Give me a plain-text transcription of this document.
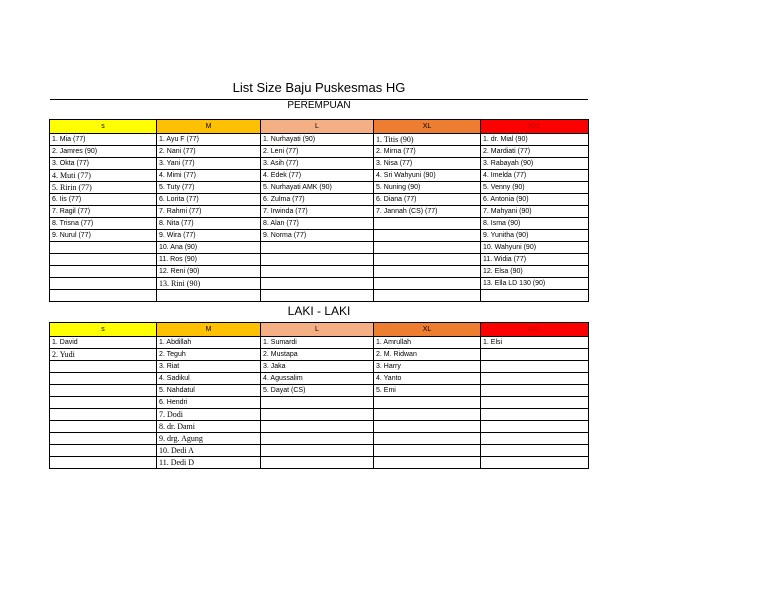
List Size Baju Puskesmas HG
PEREMPUAN
s	M	L	XL	XXL
1. Mia (77)	1. Ayu F (77)	1. Nurhayati (90)	1. Titis (90)	1. dr. Mial (90)
2. Jamres (90)	2. Nani (77)	2. Leni (77)	2. Mirna (77)	2. Mardiati (77)
3. Okta (77)	3. Yani (77)	3. Asih (77)	3. Nisa (77)	3. Rabayah (90)
4. Muti (77)	4. Mimi (77)	4. Edek (77)	4. Sri Wahyuni (90)	4. Imelda (77)
5. Ririn (77)	5. Tuty (77)	5. Nurhayati AMK (90)	5. Nuning (90)	5. Venny (90)
6. Iis (77)	6. Lorita (77)	6. Zulma (77)	6. Diana (77)	6. Antonia (90)
7. Ragil (77)	7. Rahmi (77)	7. Irwinda (77)	7. Jannah (CS) (77)	7. Mahyani (90)
8. Trisna (77)	8. Nita (77)	8. Alan (77)		8. Isma (90)
9. Nurul (77)	9. Wira (77)	9. Norma (77)		9. Yunitha (90)
	10. Ana (90)			10. Wahyuni (90)
	11. Ros (90)			11. Widia (77)
	12. Reni (90)			12. Elsa (90)
	13. Rini (90)			13. Ella LD 130 (90)

LAKI - LAKI
s	M	L	XL	XXL
1. David	1. Abdillah	1. Sumardi	1. Amrullah	1. Elsi
2. Yudi	2. Teguh	2. Mustapa	2. M. Ridwan	
	3. Riat	3. Jaka	3. Harry	
	4. Sadikul	4. Agussalim	4. Yanto	
	5. Nahdatul	5. Dayat (CS)	5. Emi	
	6. Hendri			
	7. Dodi			
	8. dr. Dami			
	9. drg. Agung			
	10. Dedi A			
	11. Dedi D			
